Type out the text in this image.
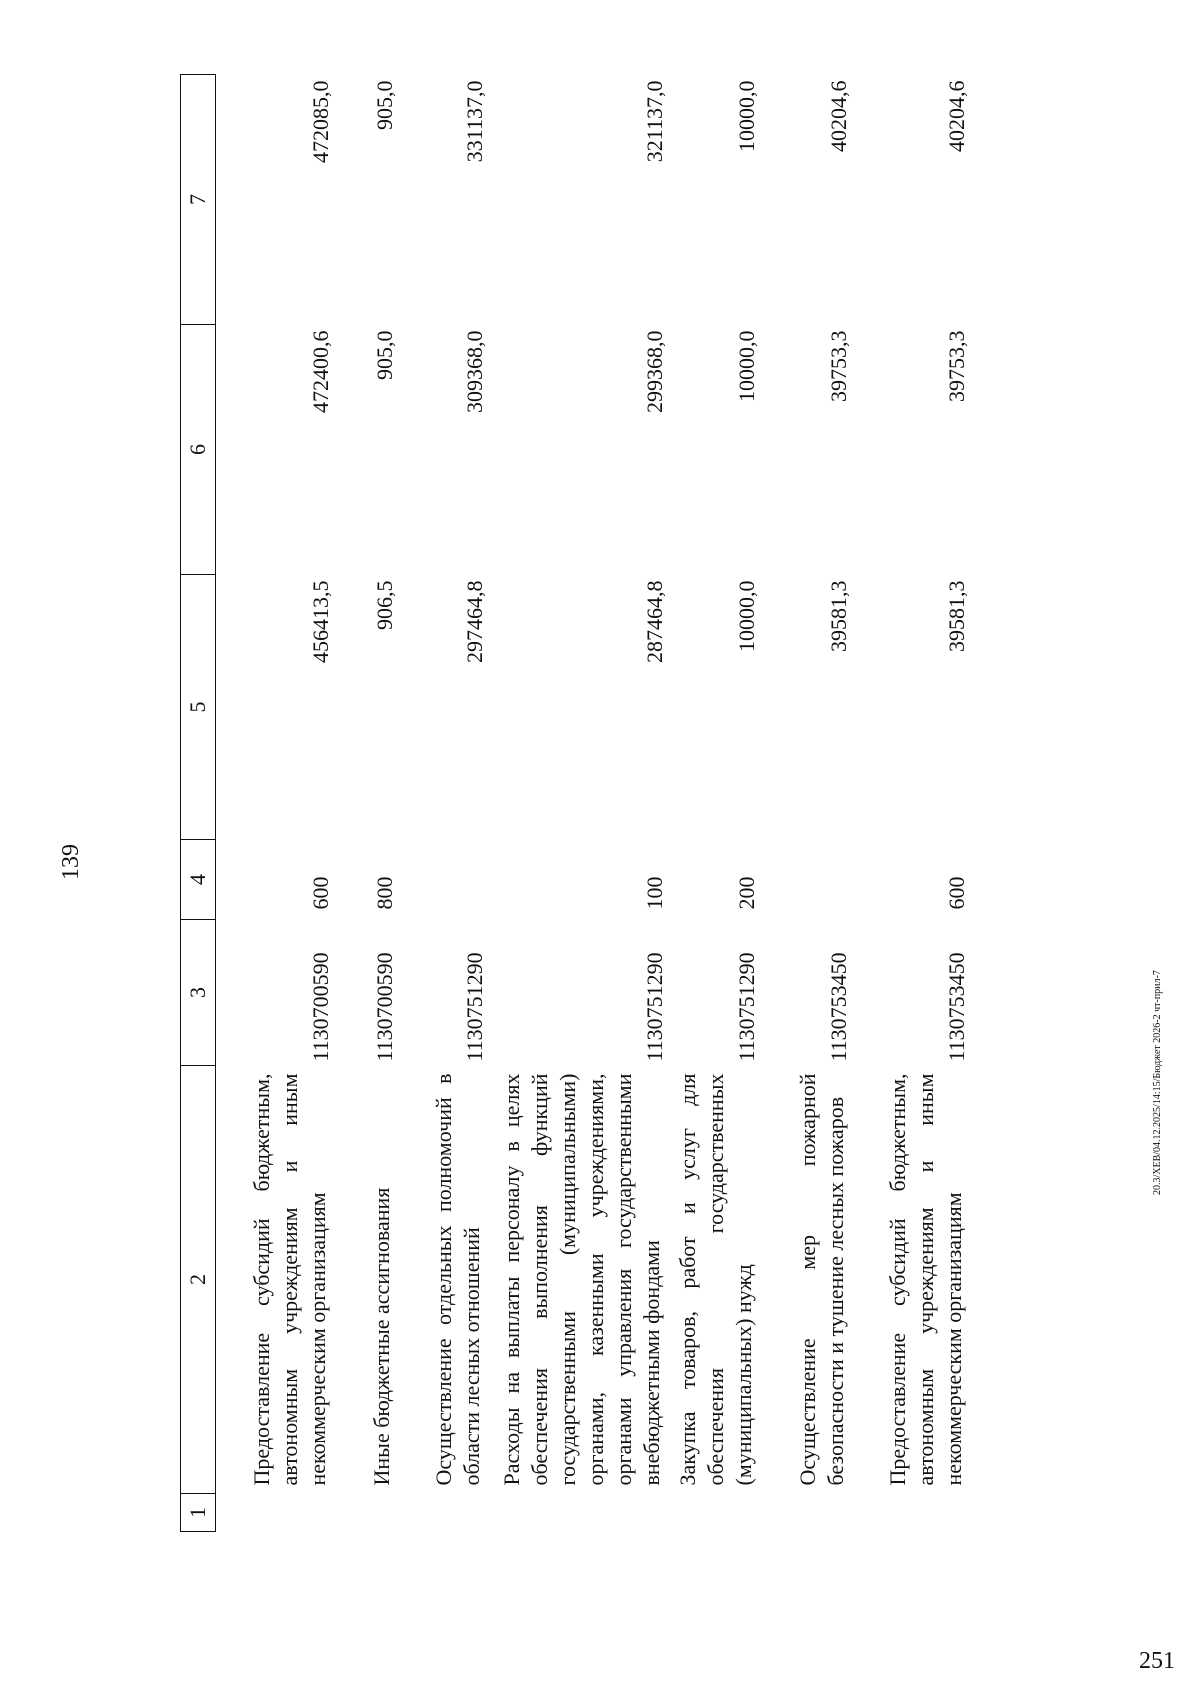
139
1	2	3	4	5	6	7
	Предоставление субсидий бюджетным, автономным учреждениям и иным некоммерческим организациям	1130700590	600	456413,5	472400,6	472085,0
	Иные бюджетные ассигнования	1130700590	800	906,5	905,0	905,0
	Осуществление отдельных полномочий в области лесных отношений	1130751290		297464,8	309368,0	331137,0
	Расходы на выплаты персоналу в целях обеспечения выполнения функций государственными (муниципальными) органами, казенными учреждениями, органами управления государственными внебюджетными фондами	1130751290	100	287464,8	299368,0	321137,0
	Закупка товаров, работ и услуг для обеспечения государственных (муниципальных) нужд	1130751290	200	10000,0	10000,0	10000,0
	Осуществление мер пожарной безопасности и тушение лесных пожаров	1130753450		39581,3	39753,3	40204,6
	Предоставление субсидий бюджетным, автономным учреждениям и иным некоммерческим организациям	1130753450	600	39581,3	39753,3	40204,6
20.3/ХЕВ/04.12.2025/14:15/Бюджет 2026-2 чт-прил-7
251
